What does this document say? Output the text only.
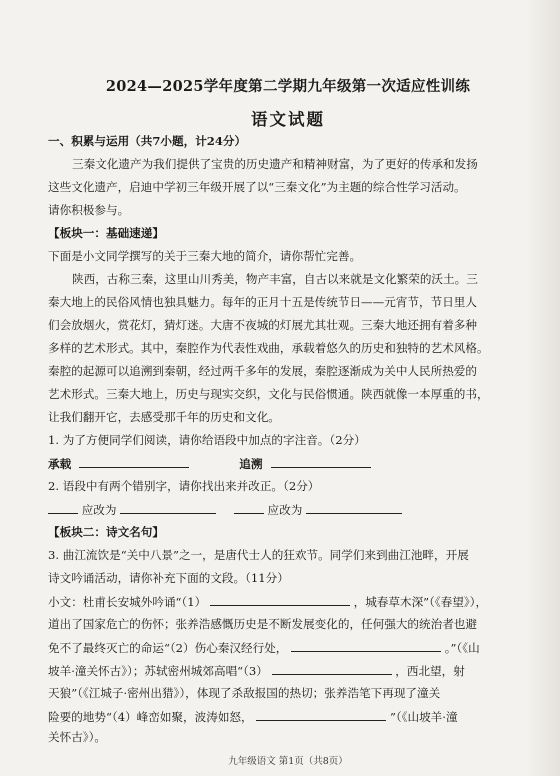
2024—2025学年度第二学期九年级第一次适应性训练
语文试题
一、积累与运用（共7小题，计24分）
三秦文化遗产为我们提供了宝贵的历史遗产和精神财富，为了更好的传承和发扬
这些文化遗产，启迪中学初三年级开展了以“三秦文化”为主题的综合性学习活动。
请你积极参与。
【板块一：基础速递】
下面是小文同学撰写的关于三秦大地的简介，请你帮忙完善。
陕西，古称三秦，这里山川秀美，物产丰富，自古以来就是文化繁荣的沃土。三
秦大地上的民俗风情也独具魅力。每年的正月十五是传统节日——元宵节，节日里人
们会放烟火，赏花灯，猜灯迷。大唐不夜城的灯展尤其壮观。三秦大地还拥有着多种
多样的艺术形式。其中，秦腔作为代表性戏曲，承载着悠久的历史和独特的艺术风格。
秦腔的起源可以追溯到秦朝，经过两千多年的发展，秦腔逐渐成为关中人民所热爱的
艺术形式。三秦大地上，历史与现实交织，文化与民俗惯通。陕西就像一本厚重的书，
让我们翻开它，去感受那千年的历史和文化。
1. 为了方便同学们阅读，请你给语段中加点的字注音。（2分）
承载	追溯
2. 语段中有两个错别字，请你找出来并改正。（2分）
应改为	应改为
【板块二：诗文名句】
3. 曲江流饮是“关中八景”之一，是唐代士人的狂欢节。同学们来到曲江池畔，开展
诗文吟诵活动，请你补充下面的文段。（11分）
小文：杜甫长安城外吟诵“（1）	，城春草木深”（《春望》），
道出了国家危亡的伤怀；张养浩感慨历史是不断发展变化的，任何强大的统治者也避
免不了最终灭亡的命运“（2）伤心秦汉经行处，	。”（《山
坡羊·潼关怀古》）；苏轼密州城郊高唱“（3）	，西北望，射
天狼”（《江城子·密州出猎》），体现了杀敌报国的热切；张养浩笔下再现了潼关
险要的地势“（4）峰峦如聚，波涛如怒，	”（《山坡羊·潼
关怀古》）。
九年级语文 第1页（共8页）
